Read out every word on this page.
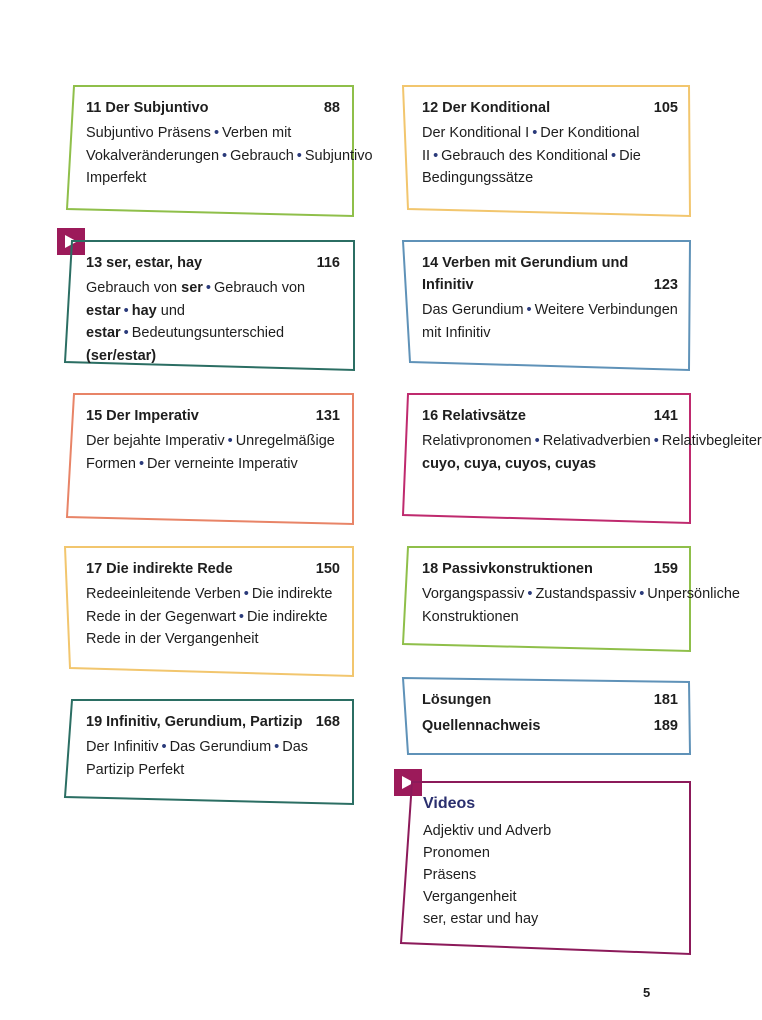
11 Der Subjuntivo	88
Subjuntivo Präsens • Verben mit Vokalveränderungen • Gebrauch • Subjuntivo Imperfekt
12 Der Konditional	105
Der Konditional I • Der Konditional II • Gebrauch des Konditional • Die Bedingungssätze
13 ser, estar, hay	116
Gebrauch von ser • Gebrauch von estar • hay und estar • Bedeutungsunterschied (ser/estar)
14 Verben mit Gerundium und
Infinitiv	123
Das Gerundium • Weitere Verbindungen mit Infinitiv
15 Der Imperativ	131
Der bejahte Imperativ • Unregelmäßige Formen • Der verneinte Imperativ
16 Relativsätze	141
Relativpronomen • Relativadverbien • Relativbegleiter cuyo, cuya, cuyos, cuyas
17 Die indirekte Rede	150
Redeeinleitende Verben • Die indirekte Rede in der Gegenwart • Die indirekte Rede in der Vergangenheit
18 Passivkonstruktionen	159
Vorgangspassiv • Zustandspassiv • Unpersönliche Konstruktionen
19 Infinitiv, Gerundium, Partizip 168
Der Infinitiv • Das Gerundium • Das Partizip Perfekt
Lösungen	181
Quellennachweis	189
Videos
Adjektiv und Adverb
Pronomen
Präsens
Vergangenheit
ser, estar und hay
5
